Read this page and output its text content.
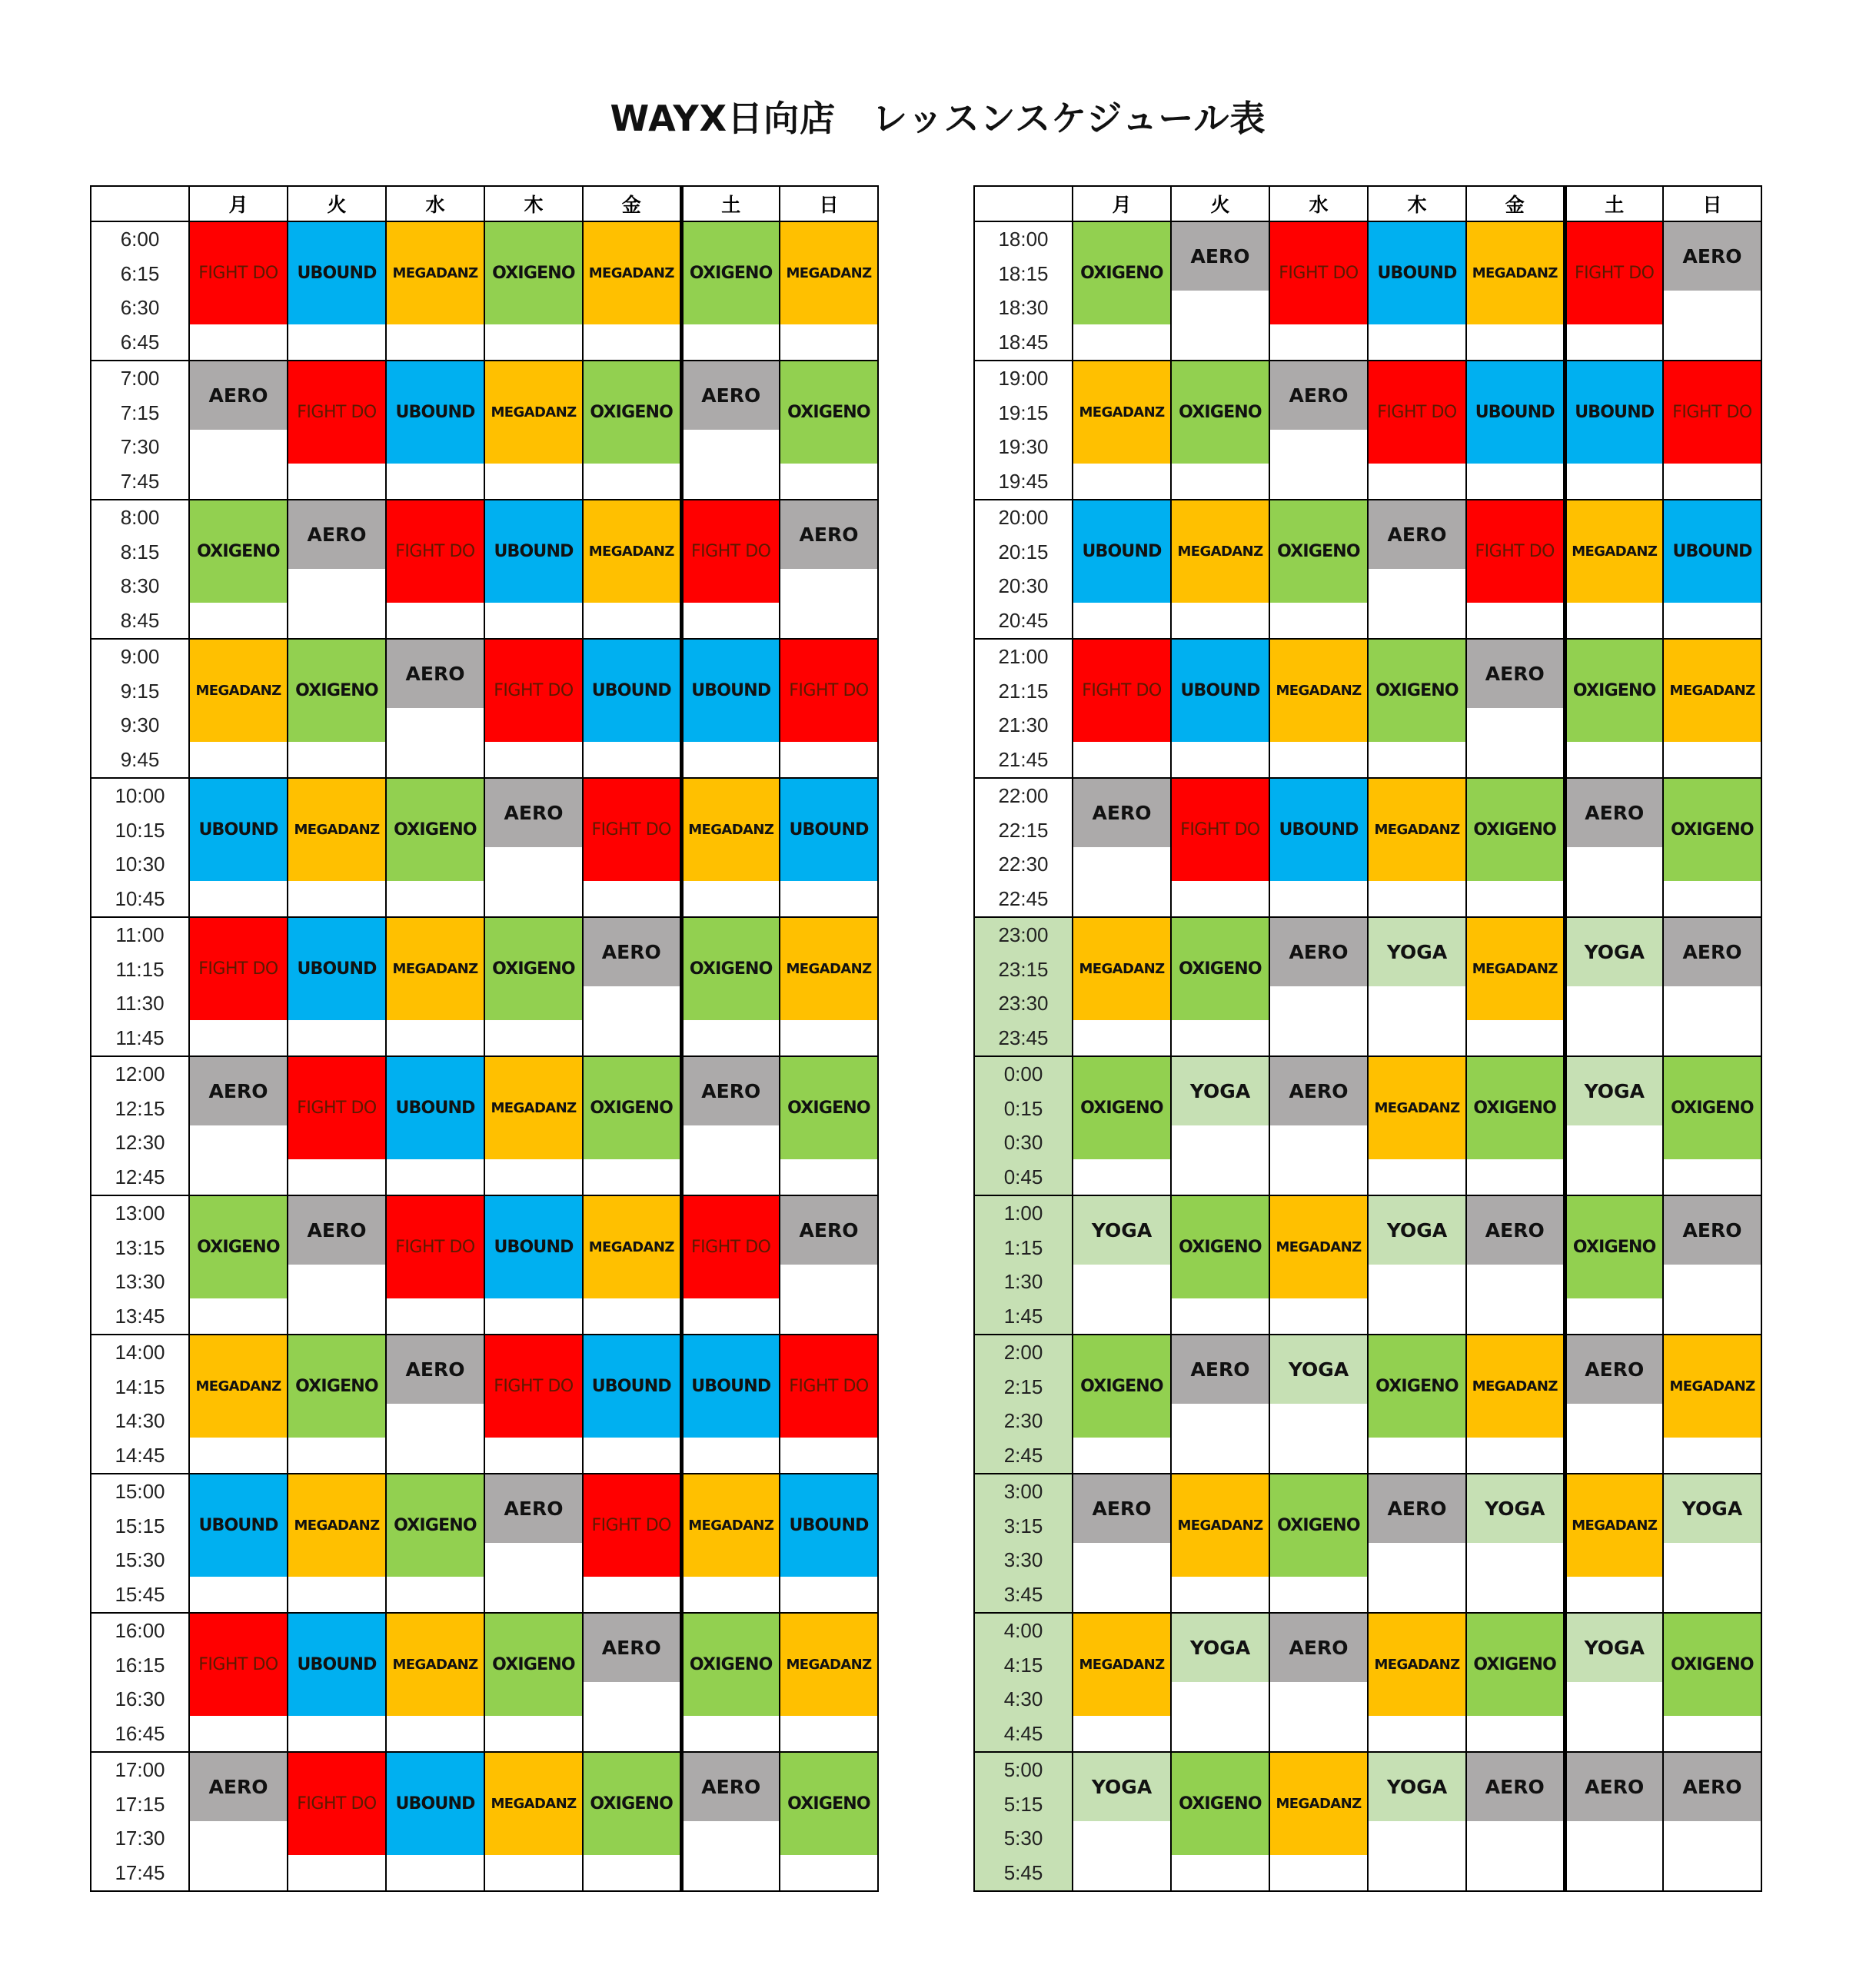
WAYX日向店　レッスンスケジュール表
	月	火	水	木	金	土	日

6:00
6:15
6:30
6:45	FIGHT DO	UBOUND	MEGADANZ	OXIGENO	MEGADANZ	OXIGENO	MEGADANZ

7:00
7:15
7:30
7:45	AERO	FIGHT DO	UBOUND	MEGADANZ	OXIGENO	AERO	OXIGENO

8:00
8:15
8:30
8:45	OXIGENO	AERO	FIGHT DO	UBOUND	MEGADANZ	FIGHT DO	AERO

9:00
9:15
9:30
9:45	MEGADANZ	OXIGENO	AERO	FIGHT DO	UBOUND	UBOUND	FIGHT DO

10:00
10:15
10:30
10:45	UBOUND	MEGADANZ	OXIGENO	AERO	FIGHT DO	MEGADANZ	UBOUND

11:00
11:15
11:30
11:45	FIGHT DO	UBOUND	MEGADANZ	OXIGENO	AERO	OXIGENO	MEGADANZ

12:00
12:15
12:30
12:45	AERO	FIGHT DO	UBOUND	MEGADANZ	OXIGENO	AERO	OXIGENO

13:00
13:15
13:30
13:45	OXIGENO	AERO	FIGHT DO	UBOUND	MEGADANZ	FIGHT DO	AERO

14:00
14:15
14:30
14:45	MEGADANZ	OXIGENO	AERO	FIGHT DO	UBOUND	UBOUND	FIGHT DO

15:00
15:15
15:30
15:45	UBOUND	MEGADANZ	OXIGENO	AERO	FIGHT DO	MEGADANZ	UBOUND

16:00
16:15
16:30
16:45	FIGHT DO	UBOUND	MEGADANZ	OXIGENO	AERO	OXIGENO	MEGADANZ

17:00
17:15
17:30
17:45	AERO	FIGHT DO	UBOUND	MEGADANZ	OXIGENO	AERO	OXIGENO
	月	火	水	木	金	土	日

18:00
18:15
18:30
18:45	OXIGENO	AERO	FIGHT DO	UBOUND	MEGADANZ	FIGHT DO	AERO

19:00
19:15
19:30
19:45	MEGADANZ	OXIGENO	AERO	FIGHT DO	UBOUND	UBOUND	FIGHT DO

20:00
20:15
20:30
20:45	UBOUND	MEGADANZ	OXIGENO	AERO	FIGHT DO	MEGADANZ	UBOUND

21:00
21:15
21:30
21:45	FIGHT DO	UBOUND	MEGADANZ	OXIGENO	AERO	OXIGENO	MEGADANZ

22:00
22:15
22:30
22:45	AERO	FIGHT DO	UBOUND	MEGADANZ	OXIGENO	AERO	OXIGENO

23:00
23:15
23:30
23:45	MEGADANZ	OXIGENO	AERO	YOGA	MEGADANZ	YOGA	AERO

0:00
0:15
0:30
0:45	OXIGENO	YOGA	AERO	MEGADANZ	OXIGENO	YOGA	OXIGENO

1:00
1:15
1:30
1:45	YOGA	OXIGENO	MEGADANZ	YOGA	AERO	OXIGENO	AERO

2:00
2:15
2:30
2:45	OXIGENO	AERO	YOGA	OXIGENO	MEGADANZ	AERO	MEGADANZ

3:00
3:15
3:30
3:45	AERO	MEGADANZ	OXIGENO	AERO	YOGA	MEGADANZ	YOGA

4:00
4:15
4:30
4:45	MEGADANZ	YOGA	AERO	MEGADANZ	OXIGENO	YOGA	OXIGENO

5:00
5:15
5:30
5:45	YOGA	OXIGENO	MEGADANZ	YOGA	AERO	AERO	AERO
